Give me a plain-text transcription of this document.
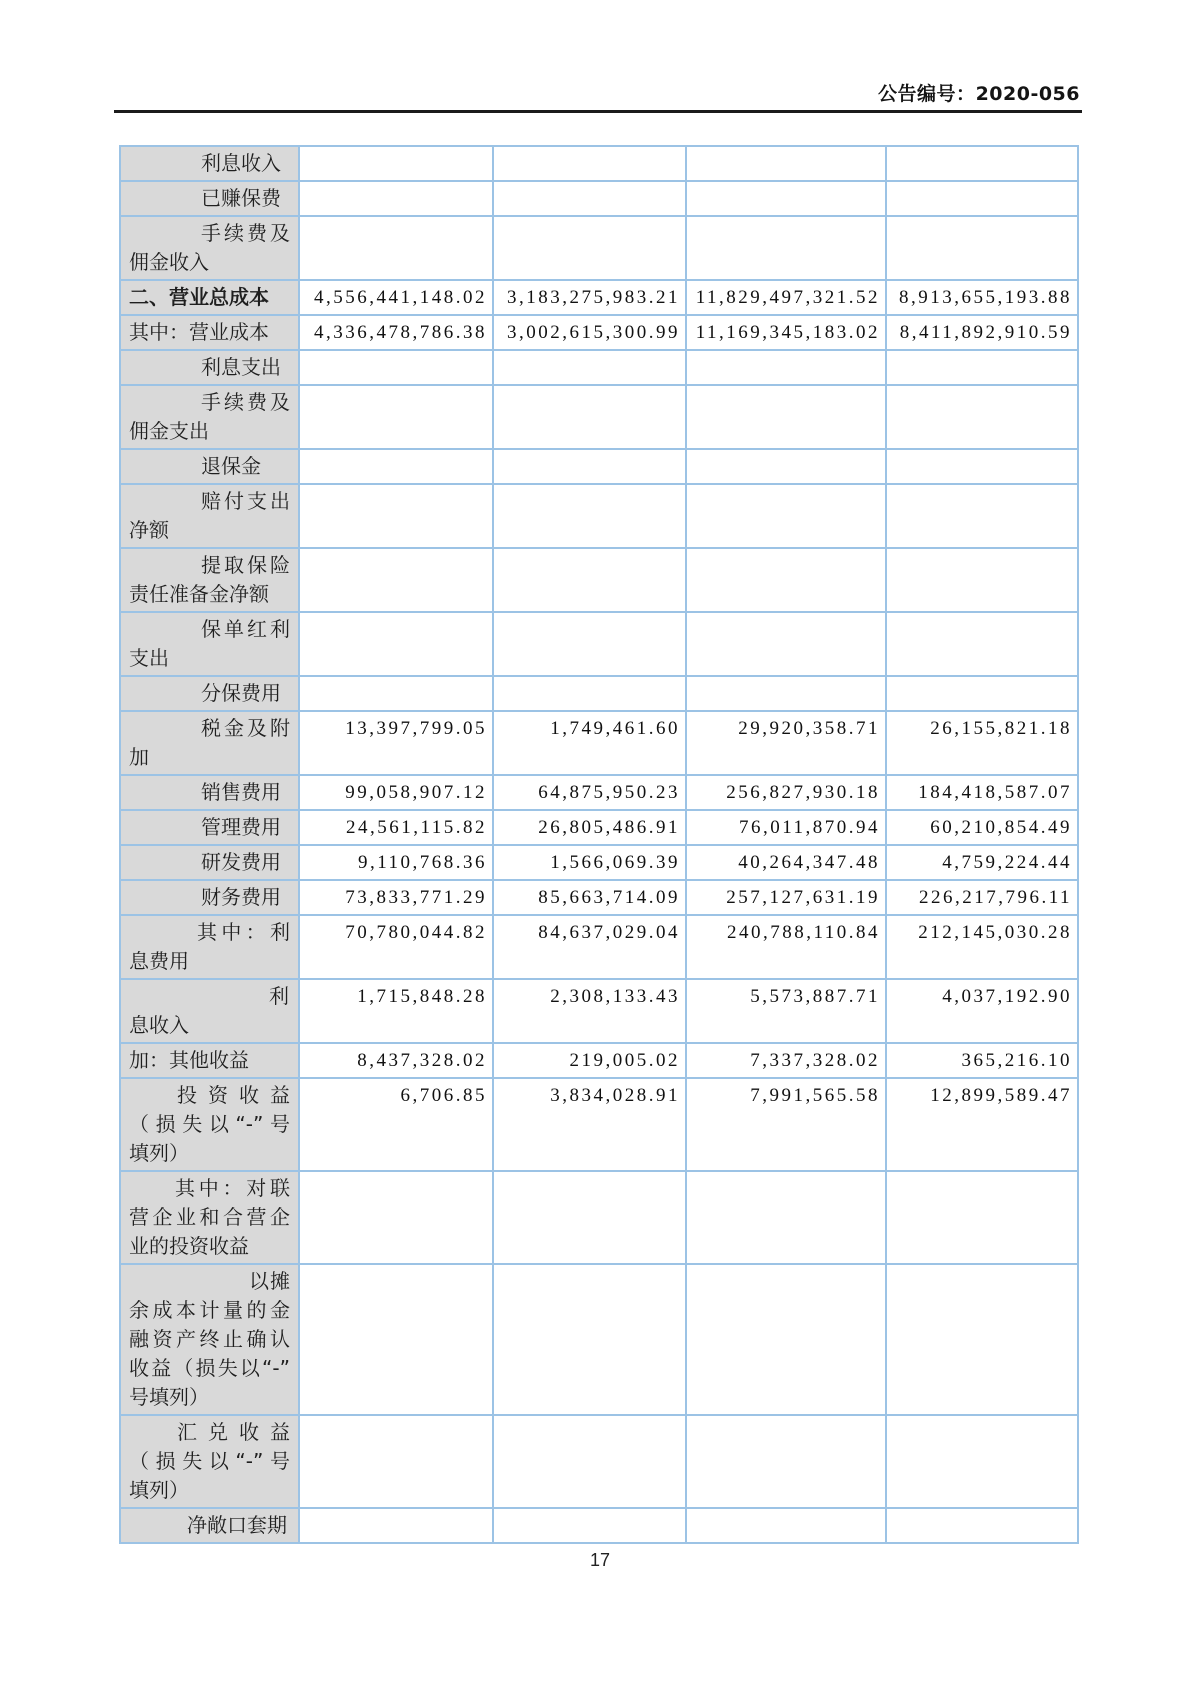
公告编号：2020-056
利息收入				

已赚保费				

手续费及
佣金收入				

二、营业总成本	4,556,441,148.02	3,183,275,983.21	11,829,497,321.52	8,913,655,193.88

其中：营业成本	4,336,478,786.38	3,002,615,300.99	11,169,345,183.02	8,411,892,910.59

利息支出				

手续费及
佣金支出				

退保金				

赔付支出
净额				

提取保险
责任准备金净额				

保单红利
支出				

分保费用				

税金及附
加	13,397,799.05	1,749,461.60	29,920,358.71	26,155,821.18

销售费用	99,058,907.12	64,875,950.23	256,827,930.18	184,418,587.07

管理费用	24,561,115.82	26,805,486.91	76,011,870.94	60,210,854.49

研发费用	9,110,768.36	1,566,069.39	40,264,347.48	4,759,224.44

财务费用	73,833,771.29	85,663,714.09	257,127,631.19	226,217,796.11

其中：利
息费用	70,780,044.82	84,637,029.04	240,788,110.84	212,145,030.28

利
息收入	1,715,848.28	2,308,133.43	5,573,887.71	4,037,192.90

加：其他收益	8,437,328.02	219,005.02	7,337,328.02	365,216.10

投资收益
（损失以“-”号
填列）	6,706.85	3,834,028.91	7,991,565.58	12,899,589.47

其中：对联
营企业和合营企
业的投资收益				

以摊
余成本计量的金
融资产终止确认
收益（损失以“-”
号填列）				

汇兑收益
（损失以“-”号
填列）				

净敞口套期				

17
